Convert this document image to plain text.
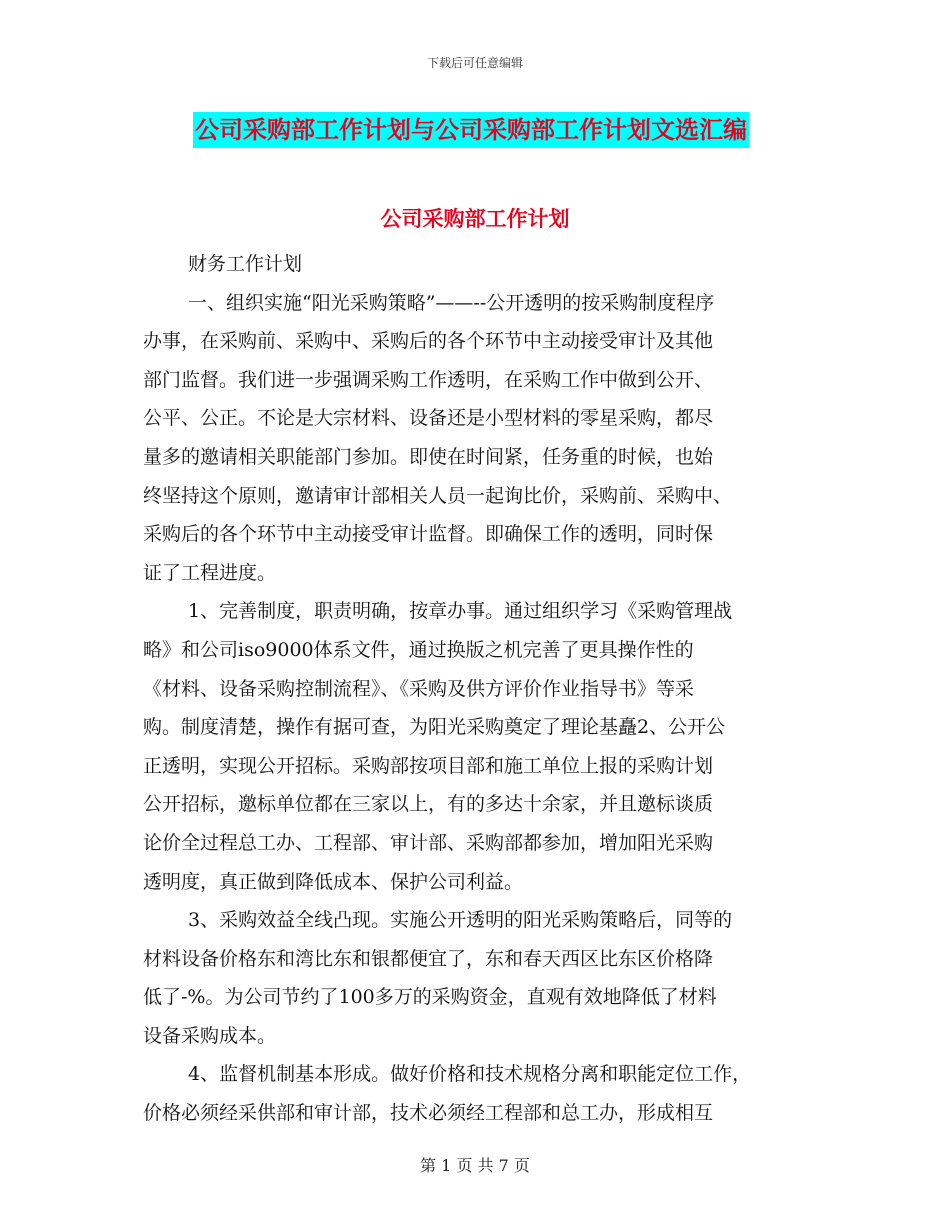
下载后可任意编辑
公司采购部工作计划与公司采购部工作计划文选汇编
公司采购部工作计划
财务工作计划
一、组织实施“阳光采购策略”——--公开透明的按采购制度程序
办事，在采购前、采购中、采购后的各个环节中主动接受审计及其他
部门监督。我们进一步强调采购工作透明，在采购工作中做到公开、
公平、公正。不论是大宗材料、设备还是小型材料的零星采购，都尽
量多的邀请相关职能部门参加。即使在时间紧，任务重的时候，也始
终坚持这个原则，邀请审计部相关人员一起询比价，采购前、采购中、
采购后的各个环节中主动接受审计监督。即确保工作的透明，同时保
证了工程进度。
1、完善制度，职责明确，按章办事。通过组织学习《采购管理战
略》和公司iso9000体系文件，通过换版之机完善了更具操作性的
《材料、设备采购控制流程》、《采购及供方评价作业指导书》等采
购。制度清楚，操作有据可查，为阳光采购奠定了理论基矗2、公开公
正透明，实现公开招标。采购部按项目部和施工单位上报的采购计划
公开招标，邀标单位都在三家以上，有的多达十余家，并且邀标谈质
论价全过程总工办、工程部、审计部、采购部都参加，增加阳光采购
透明度，真正做到降低成本、保护公司利益。
3、采购效益全线凸现。实施公开透明的阳光采购策略后，同等的
材料设备价格东和湾比东和银都便宜了，东和春天西区比东区价格降
低了-%。为公司节约了100多万的采购资金，直观有效地降低了材料
设备采购成本。
4、监督机制基本形成。做好价格和技术规格分离和职能定位工作，
价格必须经采供部和审计部，技术必须经工程部和总工办，形成相互
第 1 页 共 7 页
